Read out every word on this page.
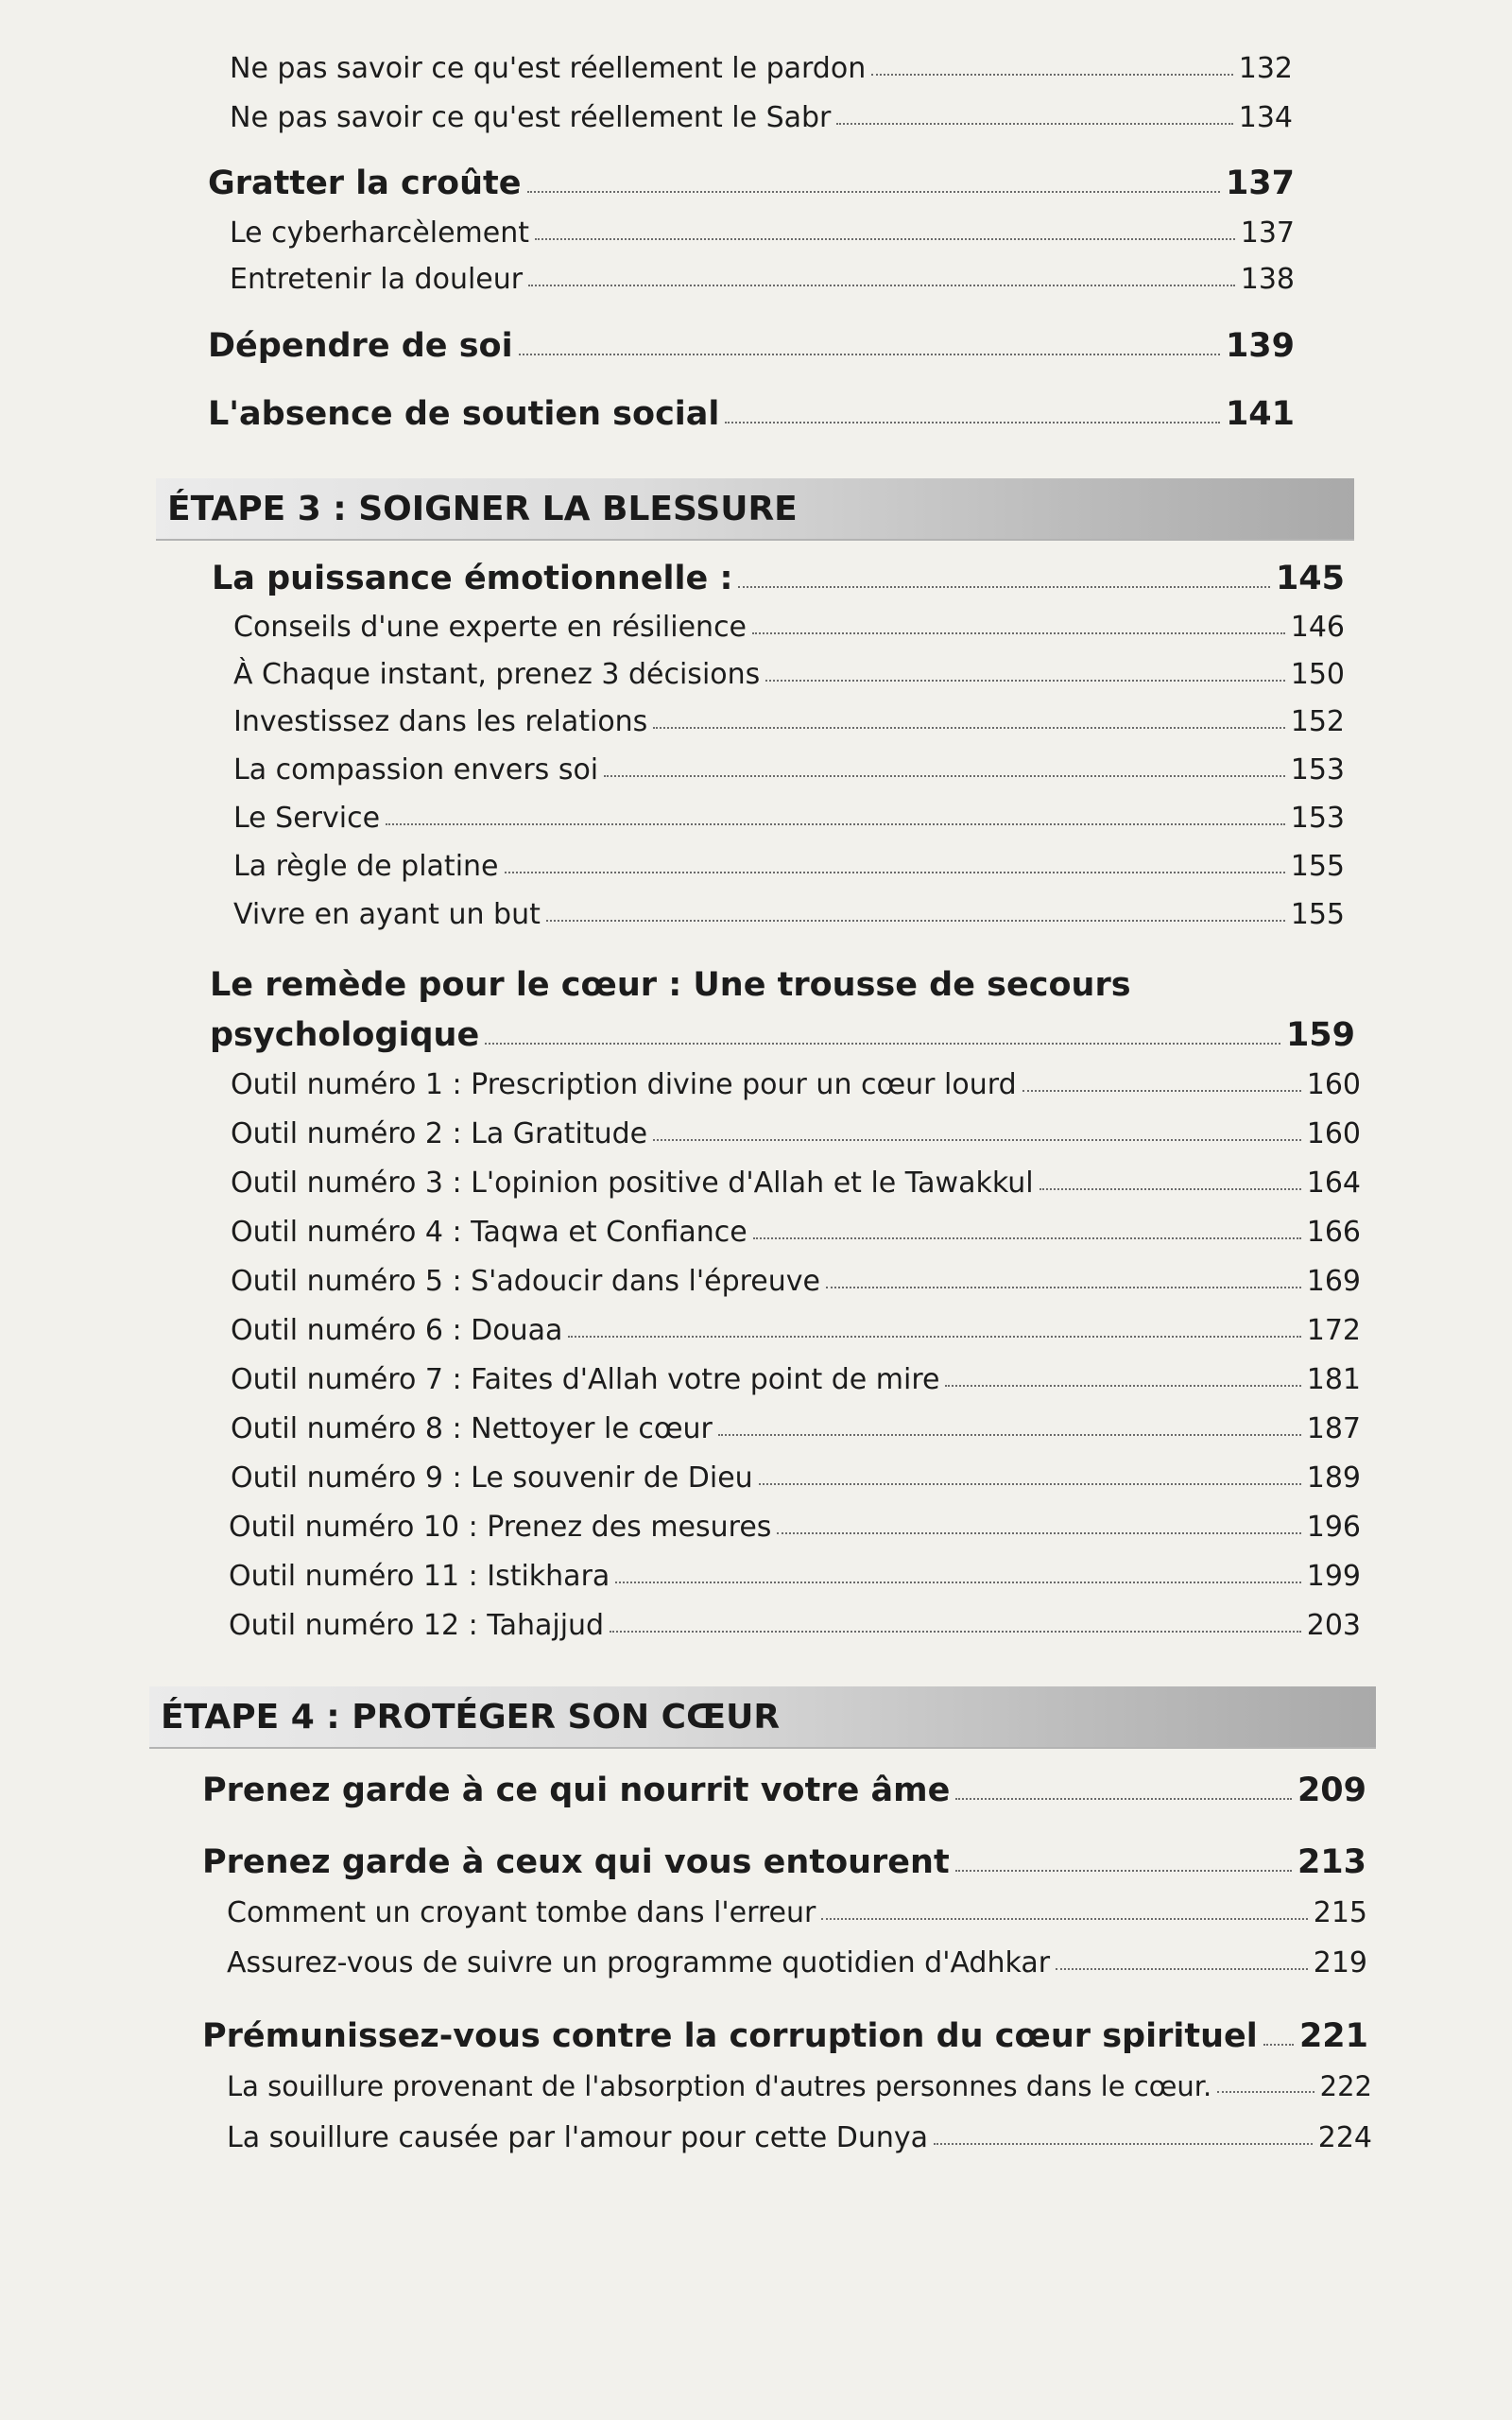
Ne pas savoir ce qu'est réellement le pardon	132
Ne pas savoir ce qu'est réellement le Sabr	134
Gratter la croûte	137
Le cyberharcèlement	137
Entretenir la douleur	138
Dépendre de soi	139
L'absence de soutien social	141
ÉTAPE 3 : SOIGNER LA BLESSURE
La puissance émotionnelle :	145
Conseils d'une experte en résilience	146
À Chaque instant, prenez 3 décisions	150
Investissez dans les relations	152
La compassion envers soi	153
Le Service	153
La règle de platine	155
Vivre en ayant un but	155
Le remède pour le cœur : Une trousse de secours
psychologique	159
Outil numéro 1 : Prescription divine pour un cœur lourd	160
Outil numéro 2 : La Gratitude	160
Outil numéro 3 : L'opinion positive d'Allah et le Tawakkul	164
Outil numéro 4 : Taqwa et Confiance	166
Outil numéro 5 : S'adoucir dans l'épreuve	169
Outil numéro 6 : Douaa	172
Outil numéro 7 : Faites d'Allah votre point de mire	181
Outil numéro 8 : Nettoyer le cœur	187
Outil numéro 9 : Le souvenir de Dieu	189
Outil numéro 10 : Prenez des mesures	196
Outil numéro 11 : Istikhara	199
Outil numéro 12 : Tahajjud	203
ÉTAPE 4 : PROTÉGER SON CŒUR
Prenez garde à ce qui nourrit votre âme	209
Prenez garde à ceux qui vous entourent	213
Comment un croyant tombe dans l'erreur	215
Assurez-vous de suivre un programme quotidien d'Adhkar	219
Prémunissez-vous contre la corruption du cœur spirituel 221
La souillure provenant de l'absorption d'autres personnes dans le cœur.	222
La souillure causée par l'amour pour cette Dunya	224
